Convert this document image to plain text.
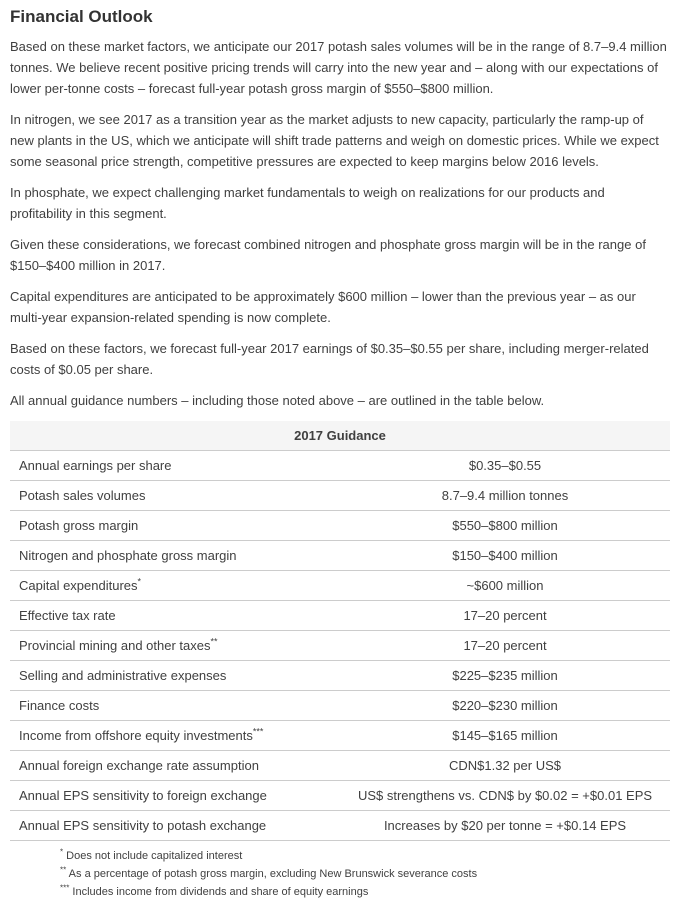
Financial Outlook

Based on these market factors, we anticipate our 2017 potash sales volumes will be in the range of 8.7–9.4 million tonnes. We believe recent positive pricing trends will carry into the new year and – along with our expectations of lower per-tonne costs – forecast full-year potash gross margin of $550–$800 million.

In nitrogen, we see 2017 as a transition year as the market adjusts to new capacity, particularly the ramp-up of new plants in the US, which we anticipate will shift trade patterns and weigh on domestic prices. While we expect some seasonal price strength, competitive pressures are expected to keep margins below 2016 levels.

In phosphate, we expect challenging market fundamentals to weigh on realizations for our products and profitability in this segment.

Given these considerations, we forecast combined nitrogen and phosphate gross margin will be in the range of $150–$400 million in 2017.

Capital expenditures are anticipated to be approximately $600 million – lower than the previous year – as our multi-year expansion-related spending is now complete.

Based on these factors, we forecast full-year 2017 earnings of $0.35–$0.55 per share, including merger-related costs of $0.05 per share.

All annual guidance numbers – including those noted above – are outlined in the table below.

2017 Guidance	
Annual earnings per share	$0.35–$0.55
Potash sales volumes	8.7–9.4 million tonnes
Potash gross margin	$550–$800 million
Nitrogen and phosphate gross margin	$150–$400 million
Capital expenditures*	~$600 million
Effective tax rate	17–20 percent
Provincial mining and other taxes**	17–20 percent
Selling and administrative expenses	$225–$235 million
Finance costs	$220–$230 million
Income from offshore equity investments***	$145–$165 million
Annual foreign exchange rate assumption	CDN$1.32 per US$
Annual EPS sensitivity to foreign exchange	US$ strengthens vs. CDN$ by $0.02 = +$0.01 EPS
Annual EPS sensitivity to potash exchange	Increases by $20 per tonne = +$0.14 EPS
* Does not include capitalized interest
** As a percentage of potash gross margin, excluding New Brunswick severance costs
*** Includes income from dividends and share of equity earnings
